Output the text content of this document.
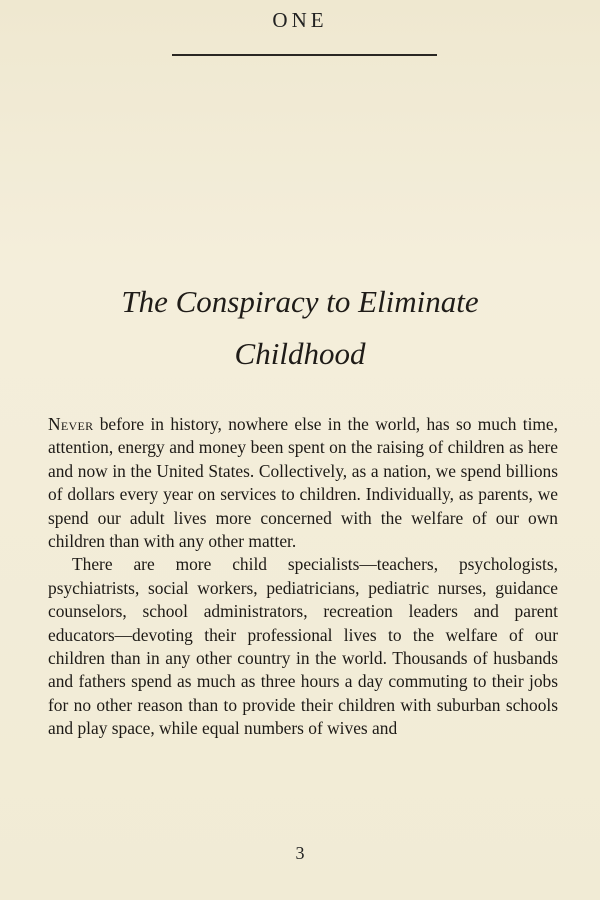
ONE
The Conspiracy to Eliminate
Childhood

Never before in history, nowhere else in the world, has so much time, attention, energy and money been spent on the raising of children as here and now in the United States. Collectively, as a nation, we spend billions of dollars every year on services to children. Individually, as parents, we spend our adult lives more concerned with the welfare of our own children than with any other matter.

There are more child specialists—teachers, psychologists, psychiatrists, social workers, pediatricians, pediatric nurses, guidance counselors, school administrators, recreation leaders and parent educators—devoting their professional lives to the welfare of our children than in any other country in the world. Thousands of husbands and fathers spend as much as three hours a day commuting to their jobs for no other reason than to provide their children with suburban schools and play space, while equal numbers of wives and

3
